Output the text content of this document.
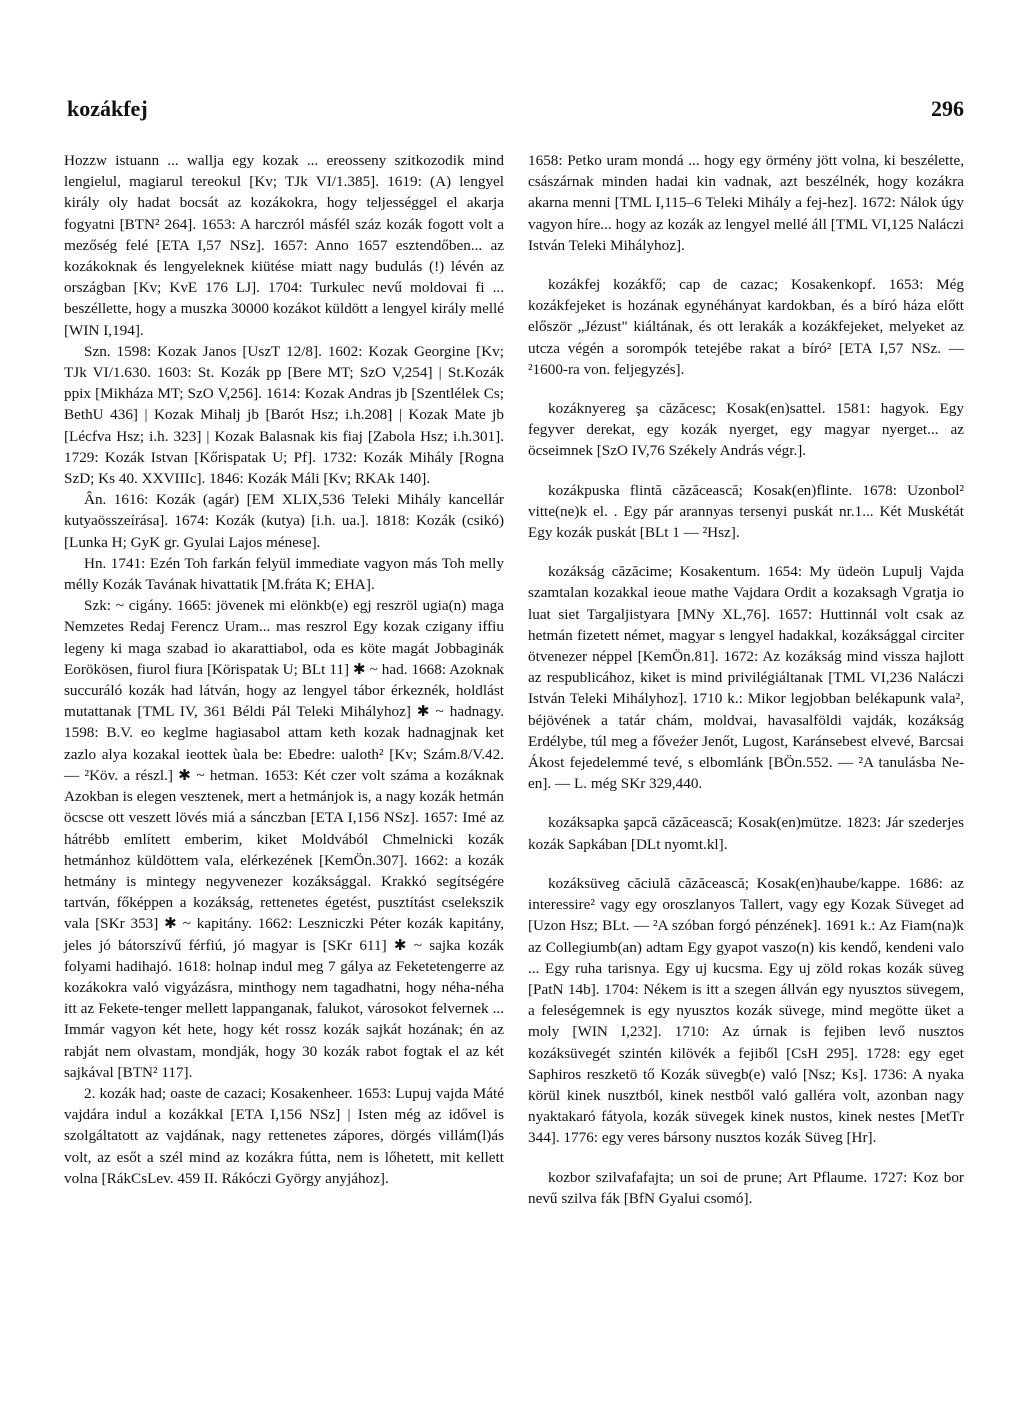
kozákfej	296

Hozzw istuann ... wallja egy kozak ... ereosseny szitkozodik mind lengielul, magiarul tereokul [Kv; TJk VI/1.385]. 1619: (A) lengyel király oly hadat bocsát az kozákokra, hogy teljességgel el akarja fogyatni [BTN² 264]. 1653: A harczról másfél száz kozák fogott volt a mezőség felé [ETA I,57 NSz]. 1657: Anno 1657 esztendőben... az kozákoknak és lengyeleknek kiütése miatt nagy budulás (!) lévén az országban [Kv; KvE 176 LJ]. 1704: Turkulec nevű moldovai fi ... beszéllette, hogy a muszka 30000 kozákot küldött a lengyel király mellé [WIN I,194].

Szn. 1598: Kozak Janos [UszT 12/8]. 1602: Kozak Georgine [Kv; TJk VI/1.630. 1603: St. Kozák pp [Bere MT; SzO V,254] | St.Kozák ppix [Mikháza MT; SzO V,256]. 1614: Kozak Andras jb [Szentlélek Cs; BethU 436] | Kozak Mihalj jb [Barót Hsz; i.h.208] | Kozak Mate jb [Lécfva Hsz; i.h. 323] | Kozak Balasnak kis fiaj [Zabola Hsz; i.h.301]. 1729: Kozák Istvan [Kőrispatak U; Pf]. 1732: Kozák Mihály [Rogna SzD; Ks 40. XXVIIIc]. 1846: Kozák Máli [Kv; RKAk 140].

Ân. 1616: Kozák (agár) [EM XLIX,536 Teleki Mihály kancellár kutyaösszeírása]. 1674: Kozák (kutya) [i.h. ua.]. 1818: Kozák (csikó) [Lunka H; GyK gr. Gyulai Lajos ménese].

Hn. 1741: Ezén Toh farkán felyül immediate vagyon más Toh melly mélly Kozák Tavának hivattatik [M.fráta K; EHA].

Szk: ~ cigány. 1665: jövenek mi elönkb(e) egj reszröl ugia(n) maga Nemzetes Redaj Ferencz Uram... mas reszrol Egy kozak czigany iffiu legeny ki maga szabad io akarattiabol, oda es köte magát Jobbaginák Eorökösen, fiurol fiura [Körispatak U; BLt 11] ✱ ~ had. 1668: Azoknak succuráló kozák had látván, hogy az lengyel tábor érkeznék, holdlást mutattanak [TML IV, 361 Béldi Pál Teleki Mihályhoz] ✱ ~ hadnagy. 1598: B.V. eo keglme hagiasabol attam keth kozak hadnagjnak ket zazlo alya kozakal ieottek ùala be: Ebedre: ualoth² [Kv; Szám.8/V.42. — ²Köv. a részl.] ✱ ~ hetman. 1653: Két czer volt száma a kozáknak Azokban is elegen vesztenek, mert a hetmánjok is, a nagy kozák hetmán öcscse ott veszett lövés miá a sánczban [ETA I,156 NSz]. 1657: Imé az hátrébb említett emberim, kiket Moldvából Chmelnicki kozák hetmánhoz küldöttem vala, elérkezének [KemÖn.307]. 1662: a kozák hetmány is mintegy negyvenezer kozáksággal. Krakkó segítségére tartván, főképpen a kozákság, rettenetes égetést, pusztítást cselekszik vala [SKr 353] ✱ ~ kapitány. 1662: Leszniczki Péter kozák kapitány, jeles jó bátorszívű férfiú, jó magyar is [SKr 611] ✱ ~ sajka kozák folyami hadihajó. 1618: holnap indul meg 7 gálya az Feketetengerre az kozákokra való vigyázásra, minthogy nem tagadhatni, hogy néha-néha itt az Fekete-tenger mellett lappanganak, falukot, városokot felvernek ... Immár vagyon két hete, hogy két rossz kozák sajkát hozának; én az rabját nem olvastam, mondják, hogy 30 kozák rabot fogtak el az két sajkával [BTN² 117].

2. kozák had; oaste de cazaci; Kosakenheer. 1653: Lupuj vajda Máté vajdára indul a kozákkal [ETA I,156 NSz] | Isten még az idővel is szolgáltatott az vajdának, nagy rettenetes zápores, dörgés villám(l)ás volt, az esőt a szél mind az kozákra fútta, nem is lőhetett, mit kellett volna [RákCsLev. 459 II. Rákóczi György anyjához].

1658: Petko uram mondá ... hogy egy örmény jött volna, ki beszélette, császárnak minden hadai kin vadnak, azt beszélnék, hogy kozákra akarna menni [TML I,115–6 Teleki Mihály a fej-hez]. 1672: Nálok úgy vagyon híre... hogy az kozák az lengyel mellé áll [TML VI,125 Naláczi István Teleki Mihályhoz].

kozákfej kozákfő; cap de cazac; Kosakenkopf. 1653: Még kozákfejeket is hozának egynéhányat kardokban, és a bíró háza előtt először „Jézust" kiáltának, és ott lerakák a kozákfejeket, melyeket az utcza végén a sorompók tetejébe rakat a bíró² [ETA I,57 NSz. — ²1600-ra von. feljegyzés].

kozáknyereg şa căzăcesc; Kosak(en)sattel. 1581: hagyok. Egy fegyver derekat, egy kozák nyerget, egy magyar nyerget... az öcseimnek [SzO IV,76 Székely András végr.].

kozákpuska flintă căzăcească; Kosak(en)flinte. 1678: Uzonbol² vitte(ne)k el. . Egy pár arannyas tersenyi puskát nr.1... Két Muskétát Egy kozák puskát [BLt 1 — ²Hsz].

kozákság căzăcime; Kosakentum. 1654: My üdeön Lupulj Vajda szamtalan kozakkal ieoue mathe Vajdara Ordit a kozaksagh Vgratja io luat siet Targaljistyara [MNy XL,76]. 1657: Huttinnál volt csak az hetmán fizetett német, magyar s lengyel hadakkal, kozáksággal circiter ötvenezer néppel [KemÖn.81]. 1672: Az kozákság mind vissza hajlott az respublicához, kiket is mind privilégiáltanak [TML VI,236 Naláczi István Teleki Mihályhoz]. 1710 k.: Mikor legjobban belékapunk vala², béjövének a tatár chám, moldvai, havasalföldi vajdák, kozákság Erdélybe, túl meg a főveźer Jenőt, Lugost, Karánsebest elvevé, Barcsai Ákost fejedelemmé tevé, s elbomlánk [BÖn.552. — ²A tanulásba Ne-en]. — L. még SKr 329,440.

kozáksapka şapcă căzăcească; Kosak(en)mütze. 1823: Jár szederjes kozák Sapkában [DLt nyomt.kl].

kozáksüveg căciulă căzăcească; Kosak(en)haube/kappe. 1686: az interessire² vagy egy oroszlanyos Tallert, vagy egy Kozak Süveget ad [Uzon Hsz; BLt. — ²A szóban forgó pénzének]. 1691 k.: Az Fiam(na)k az Collegiumb(an) adtam Egy gyapot vaszo(n) kis kendő, kendeni valo ... Egy ruha tarisnya. Egy uj kucsma. Egy uj zöld rokas kozák süveg [PatN 14b]. 1704: Nékem is itt a szegen állván egy nyusztos süvegem, a feleségemnek is egy nyusztos kozák süvege, mind megötte üket a moly [WIN I,232]. 1710: Az úrnak is fejiben levő nusztos kozáksüvegét szintén kilövék a fejiből [CsH 295]. 1728: egy eget Saphiros reszketö tő Kozák süvegb(e) való [Nsz; Ks]. 1736: A nyaka körül kinek nusztból, kinek nestből való gallérа volt, azonban nagy nyaktakaró fátyola, kozák süvegek kinek nustos, kinek nestes [MetTr 344]. 1776: egy veres bársony nusztos kozák Süveg [Hr].

kozbor szilvafafajta; un soi de prune; Art Pflaume. 1727: Koz bor nevű szilva fák [BfN Gyalui csomó].
